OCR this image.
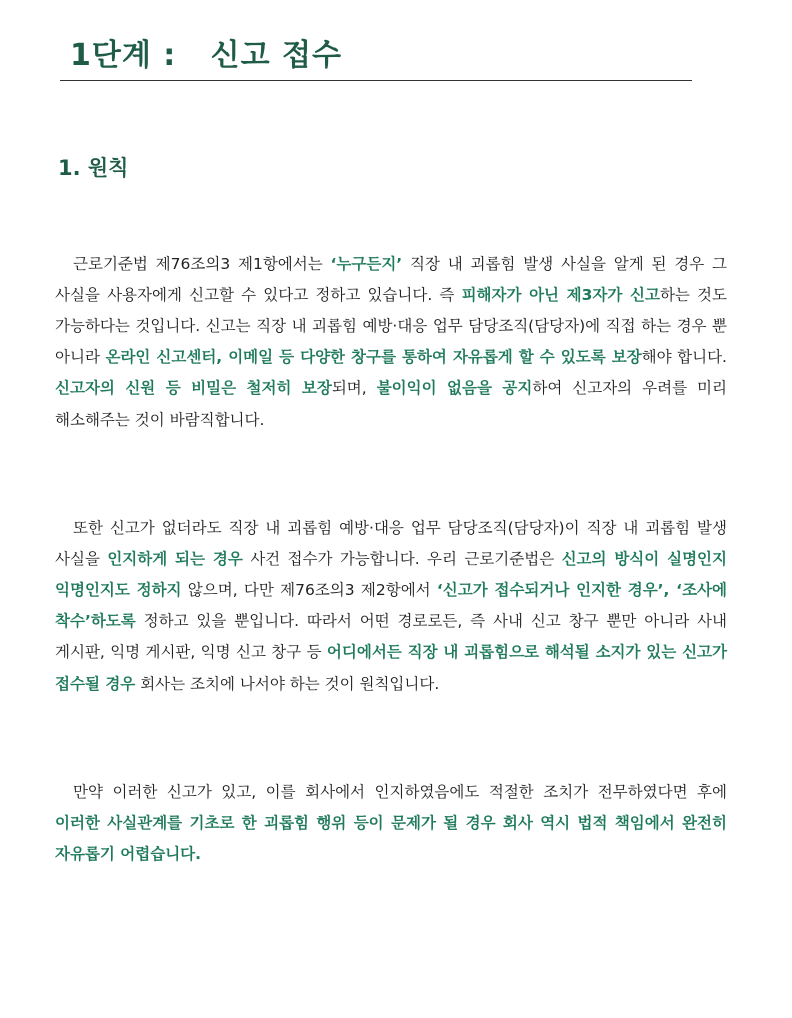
1단계 :   신고 접수
1. 원칙

근로기준법 제76조의3 제1항에서는 ‘누구든지’ 직장 내 괴롭힘 발생 사실을 알게 된 경우 그 사실을 사용자에게 신고할 수 있다고 정하고 있습니다. 즉 피해자가 아닌 제3자가 신고하는 것도 가능하다는 것입니다. 신고는 직장 내 괴롭힘 예방·대응 업무 담당조직(담당자)에 직접 하는 경우 뿐 아니라 온라인 신고센터, 이메일 등 다양한 창구를 통하여 자유롭게 할 수 있도록 보장해야 합니다. 신고자의 신원 등 비밀은 철저히 보장되며, 불이익이 없음을 공지하여 신고자의 우려를 미리 해소해주는 것이 바람직합니다.

또한 신고가 없더라도 직장 내 괴롭힘 예방·대응 업무 담당조직(담당자)이 직장 내 괴롭힘 발생 사실을 인지하게 되는 경우 사건 접수가 가능합니다. 우리 근로기준법은 신고의 방식이 실명인지 익명인지도 정하지 않으며, 다만 제76조의3 제2항에서 ‘신고가 접수되거나 인지한 경우’, ‘조사에 착수’하도록 정하고 있을 뿐입니다. 따라서 어떤 경로로든, 즉 사내 신고 창구 뿐만 아니라 사내 게시판, 익명 게시판, 익명 신고 창구 등 어디에서든 직장 내 괴롭힘으로 해석될 소지가 있는 신고가 접수될 경우 회사는 조치에 나서야 하는 것이 원칙입니다.

만약 이러한 신고가 있고, 이를 회사에서 인지하였음에도 적절한 조치가 전무하였다면 후에 이러한 사실관계를 기초로 한 괴롭힘 행위 등이 문제가 될 경우 회사 역시 법적 책임에서 완전히 자유롭기 어렵습니다.
